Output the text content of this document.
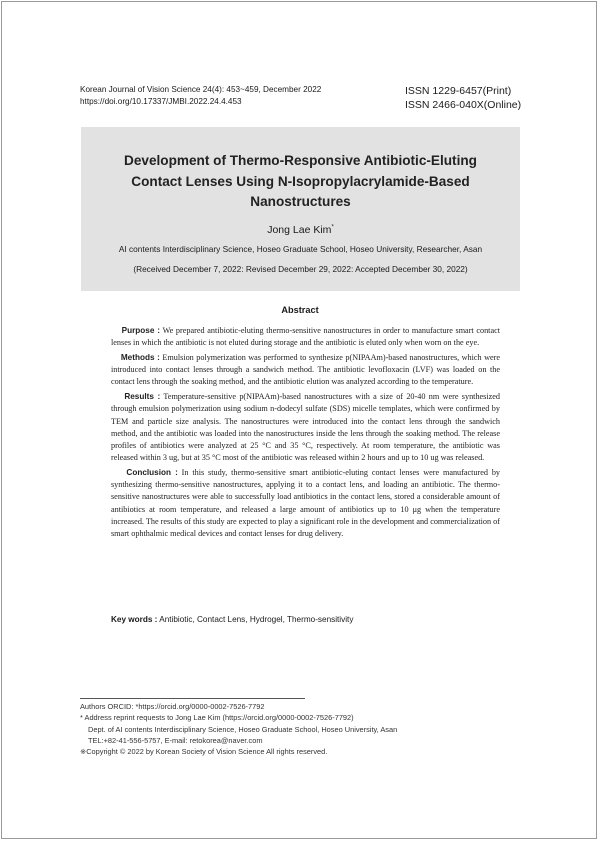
Korean Journal of Vision Science 24(4): 453~459, December 2022
https://doi.org/10.17337/JMBI.2022.24.4.453
ISSN 1229-6457(Print)
ISSN 2466-040X(Online)
Development of Thermo-Responsive Antibiotic-Eluting
Contact Lenses Using N-Isopropylacrylamide-Based
Nanostructures
Jong Lae Kim*
AI contents Interdisciplinary Science, Hoseo Graduate School, Hoseo University, Researcher, Asan
(Received December 7, 2022: Revised December 29, 2022: Accepted December 30, 2022)
Abstract

Purpose : We prepared antibiotic-eluting thermo-sensitive nanostructures in order to manufacture smart contact lenses in which the antibiotic is not eluted during storage and the antibiotic is eluted only when worn on the eye.

Methods : Emulsion polymerization was performed to synthesize p(NIPAAm)-based nanostructures, which were introduced into contact lenses through a sandwich method. The antibiotic levofloxacin (LVF) was loaded on the contact lens through the soaking method, and the antibiotic elution was analyzed according to the temperature.

Results : Temperature-sensitive p(NIPAAm)-based nanostructures with a size of 20-40 nm were synthesized through emulsion polymerization using sodium n-dodecyl sulfate (SDS) micelle templates, which were confirmed by TEM and particle size analysis. The nanostructures were introduced into the contact lens through the sandwich method, and the antibiotic was loaded into the nanostructures inside the lens through the soaking method. The release profiles of antibiotics were analyzed at 25 °C and 35 °C, respectively. At room temperature, the antibiotic was released within 3 ug, but at 35 °C most of the antibiotic was released within 2 hours and up to 10 ug was released.

Conclusion : In this study, thermo-sensitive smart antibiotic-eluting contact lenses were manufactured by synthesizing thermo-sensitive nanostructures, applying it to a contact lens, and loading an antibiotic. The thermo-sensitive nanostructures were able to successfully load antibiotics in the contact lens, stored a considerable amount of antibiotics at room temperature, and released a large amount of antibiotics up to 10 μg when the temperature increased. The results of this study are expected to play a significant role in the development and commercialization of smart ophthalmic medical devices and contact lenses for drug delivery.

Key words : Antibiotic, Contact Lens, Hydrogel, Thermo-sensitivity
Authors ORCID: *https://orcid.org/0000-0002-7526-7792
* Address reprint requests to Jong Lae Kim (https://orcid.org/0000-0002-7526-7792)
Dept. of AI contents Interdisciplinary Science, Hoseo Graduate School, Hoseo University, Asan
TEL:+82-41-556-5757, E-mail: retokorea@naver.com
※Copyright © 2022 by Korean Society of Vision Science All rights reserved.
